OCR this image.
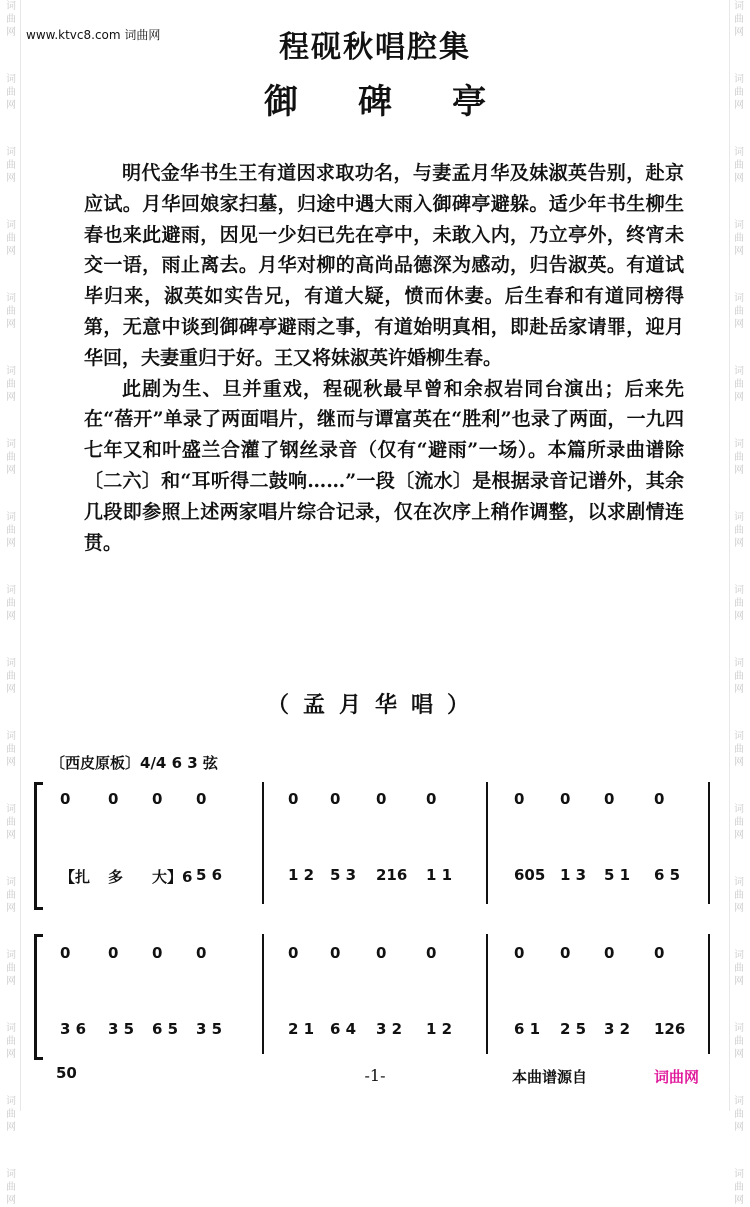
词
曲
网
词
曲
网
词
曲
网
词
曲
网
词
曲
网
词
曲
网
词
曲
网
词
曲
网
词
曲
网
词
曲
网
词
曲
网
词
曲
网
词
曲
网
词
曲
网
词
曲
网
词
曲
网
词
曲
网
词
曲
网
词
曲
网
词
曲
网
词
曲
网
词
曲
网
词
曲
网
词
曲
网
词
曲
网
词
曲
网
词
曲
网
词
曲
网
词
曲
网
词
曲
网
词
曲
网
词
曲
网
词
曲
网
词
曲
网
www.ktvc8.com 词曲网	程砚秋唱腔集
御碑亭

明代金华书生王有道因求取功名，与妻孟月华及妹淑英告别，赴京应试。月华回娘家扫墓，归途中遇大雨入御碑亭避躲。适少年书生柳生春也来此避雨，因见一少妇已先在亭中，未敢入内，乃立亭外，终宵未交一语，雨止离去。月华对柳的高尚品德深为感动，归告淑英。有道试毕归来，淑英如实告兄，有道大疑，愤而休妻。后生春和有道同榜得第，无意中谈到御碑亭避雨之事，有道始明真相，即赴岳家请罪，迎月华回，夫妻重归于好。王又将妹淑英许婚柳生春。

此剧为生、旦并重戏，程砚秋最早曾和余叔岩同台演出；后来先在“蓓开”单录了两面唱片，继而与谭富英在“胜利”也录了两面，一九四七年又和叶盛兰合灌了钢丝录音（仅有“避雨”一场）。本篇所录曲谱除〔二六〕和“耳听得二鼓响……”一段〔流水〕是根据录音记谱外，其余几段即参照上述两家唱片综合记录，仅在次序上稍作调整，以求剧情连贯。

（孟月华唱）
〔西皮原板〕4/4 6 3 弦
0	0 0 0	0 0 0	0	0 0 0	0
【扎 多 大】6 5 6	1 2 5 3 216 1 1	605 1 3 5 1 6 5
0	0 0 0	0 0 0	0	0 0 0	0
3 6 3 5 6 5 3 5	2 1 6 4 3 2 1 2	6 1 2 5 3 2 126
50	-1-	本曲谱源自	词曲网
